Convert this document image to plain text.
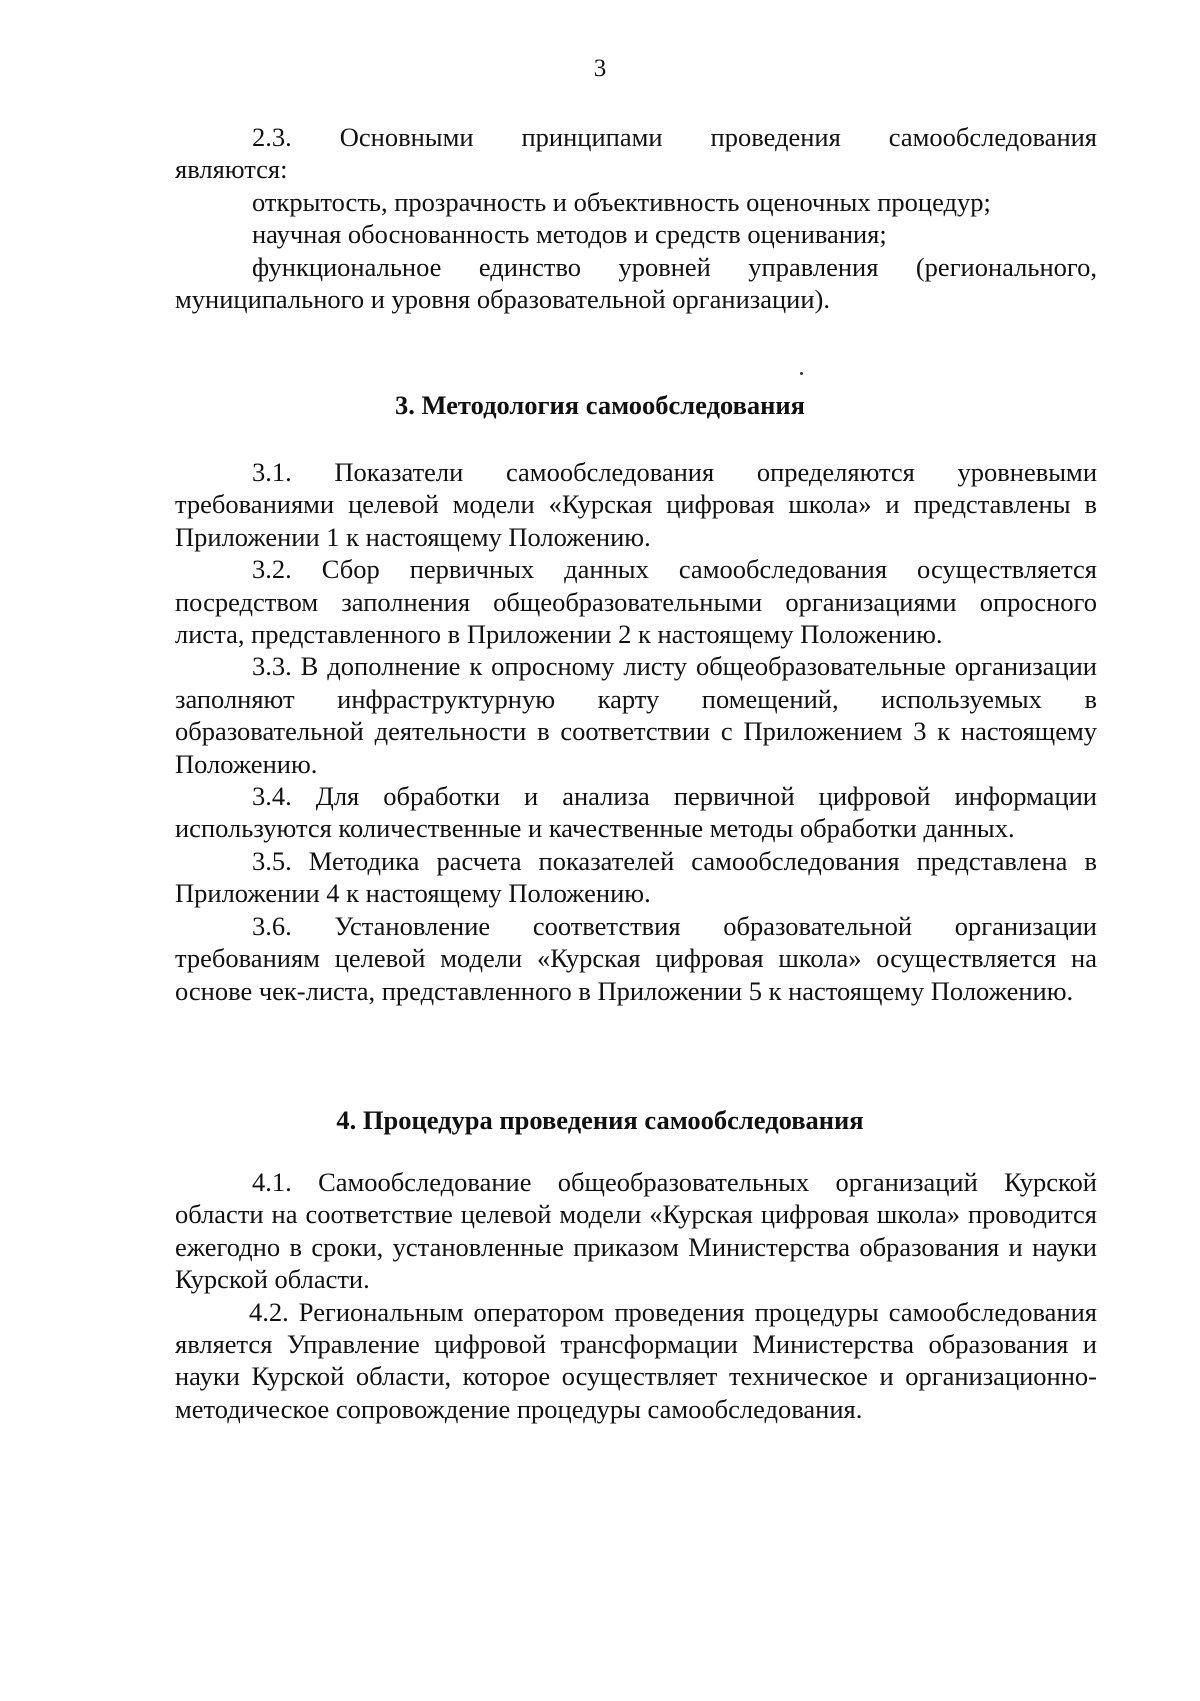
3
2.3. Основными принципами проведения самообследования

являются:

открытость, прозрачность и объективность оценочных процедур;

научная обоснованность методов и средств оценивания;

функциональное единство уровней управления (регионального, муниципального и уровня образовательной организации).

3. Методология самообследования

3.1. Показатели самообследования определяются уровневыми требованиями целевой модели «Курская цифровая школа» и представлены в Приложении 1 к настоящему Положению.

3.2. Сбор первичных данных самообследования осуществляется посредством заполнения общеобразовательными организациями опросного листа, представленного в Приложении 2 к настоящему Положению.

3.3. В дополнение к опросному листу общеобразовательные организации заполняют инфраструктурную карту помещений, используемых в образовательной деятельности в соответствии с Приложением 3 к настоящему Положению.

3.4. Для обработки и анализа первичной цифровой информации используются количественные и качественные методы обработки данных.

3.5. Методика расчета показателей самообследования представлена в Приложении 4 к настоящему Положению.

3.6. Установление соответствия образовательной организации требованиям целевой модели «Курская цифровая школа» осуществляется на основе чек-листа, представленного в Приложении 5 к настоящему Положению.

4. Процедура проведения самообследования

4.1. Самообследование общеобразовательных организаций Курской области на соответствие целевой модели «Курская цифровая школа» проводится ежегодно в сроки, установленные приказом Министерства образования и науки Курской области.

4.2. Региональным оператором проведения процедуры самообследования является Управление цифровой трансформации Министерства образования и науки Курской области, которое осуществляет техническое и организационно-методическое сопровождение процедуры самообследования.
